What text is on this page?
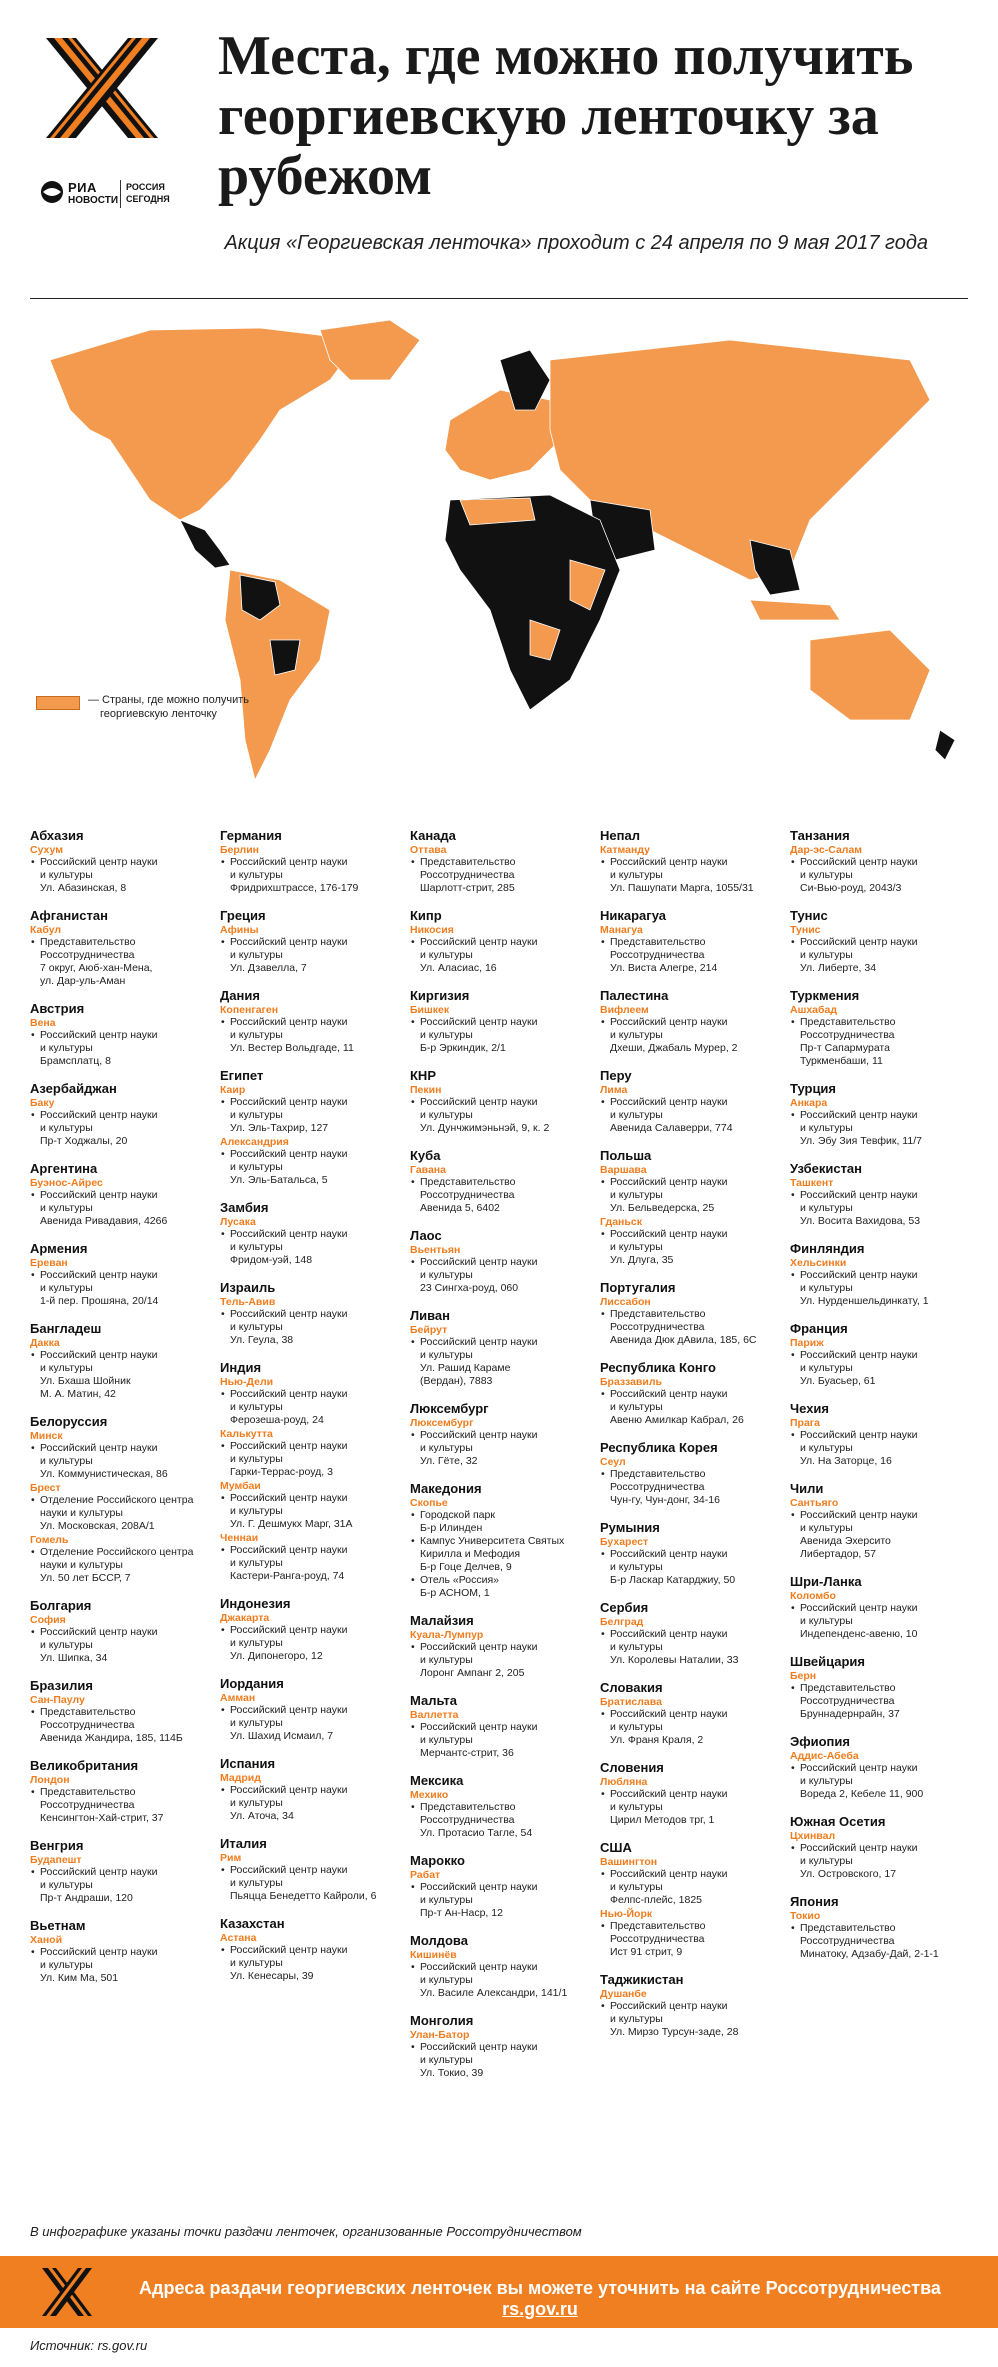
РИА
НОВОСТИ
РОССИЯ
СЕГОДНЯ
Места, где можно получить георгиевскую ленточку за рубежом
Акция «Георгиевская ленточка» проходит с 24 апреля по 9 мая 2017 года
— Страны, где можно получить
георгиевскую ленточку
Абхазия
Сухум
• Российский центр науки
и культуры
Ул. Абазинская, 8
Афганистан
Кабул
• Представительство
Россотрудничества
7 округ, Аюб-хан-Мена,
ул. Дар-уль-Аман
Австрия
Вена
• Российский центр науки
и культуры
Брамсплатц, 8
Азербайджан
Баку
• Российский центр науки
и культуры
Пр-т Ходжалы, 20
Аргентина
Буэнос-Айрес
• Российский центр науки
и культуры
Авенида Ривадавия, 4266
Армения
Ереван
• Российский центр науки
и культуры
1-й пер. Прошяна, 20/14
Бангладеш
Дакка
• Российский центр науки
и культуры
Ул. Бхаша Шойник
М. А. Матин, 42
Белоруссия
Минск
• Российский центр науки
и культуры
Ул. Коммунистическая, 86
Брест
• Отделение Российского центра
науки и культуры
Ул. Московская, 208А/1
Гомель
• Отделение Российского центра
науки и культуры
Ул. 50 лет БССР, 7
Болгария
София
• Российский центр науки
и культуры
Ул. Шипка, 34
Бразилия
Сан-Паулу
• Представительство
Россотрудничества
Авенида Жандира, 185, 114Б
Великобритания
Лондон
• Представительство
Россотрудничества
Кенсингтон-Хай-стрит, 37
Венгрия
Будапешт
• Российский центр науки
и культуры
Пр-т Андраши, 120
Вьетнам
Ханой
• Российский центр науки
и культуры
Ул. Ким Ма, 501
Германия
Берлин
• Российский центр науки
и культуры
Фридрихштрассе, 176-179
Греция
Афины
• Российский центр науки
и культуры
Ул. Дзавелла, 7
Дания
Копенгаген
• Российский центр науки
и культуры
Ул. Вестер Вольдгаде, 11
Египет
Каир
• Российский центр науки
и культуры
Ул. Эль-Тахрир, 127
Александрия
• Российский центр науки
и культуры
Ул. Эль-Батальса, 5
Замбия
Лусака
• Российский центр науки
и культуры
Фридом-уэй, 148
Израиль
Тель-Авив
• Российский центр науки
и культуры
Ул. Геула, 38
Индия
Нью-Дели
• Российский центр науки
и культуры
Ферозеша-роуд, 24
Калькутта
• Российский центр науки
и культуры
Гарки-Террас-роуд, 3
Мумбаи
• Российский центр науки
и культуры
Ул. Г. Дешмукх Марг, 31А
Ченнаи
• Российский центр науки
и культуры
Кастери-Ранга-роуд, 74
Индонезия
Джакарта
• Российский центр науки
и культуры
Ул. Дипонегоро, 12
Иордания
Амман
• Российский центр науки
и культуры
Ул. Шахид Исмаил, 7
Испания
Мадрид
• Российский центр науки
и культуры
Ул. Аточа, 34
Италия
Рим
• Российский центр науки
и культуры
Пьяцца Бенедетто Кайроли, 6
Казахстан
Астана
• Российский центр науки
и культуры
Ул. Кенесары, 39
Канада
Оттава
• Представительство
Россотрудничества
Шарлотт-стрит, 285
Кипр
Никосия
• Российский центр науки
и культуры
Ул. Аласиас, 16
Киргизия
Бишкек
• Российский центр науки
и культуры
Б-р Эркиндик, 2/1
КНР
Пекин
• Российский центр науки
и культуры
Ул. Дунчжимэньнэй, 9, к. 2
Куба
Гавана
• Представительство
Россотрудничества
Авенида 5, 6402
Лаос
Вьентьян
• Российский центр науки
и культуры
23 Сингха-роуд, 060
Ливан
Бейрут
• Российский центр науки
и культуры
Ул. Рашид Караме
(Вердан), 7883
Люксембург
Люксембург
• Российский центр науки
и культуры
Ул. Гёте, 32
Македония
Скопье
• Городской парк
Б-р Илинден
• Кампус Университета Святых
Кирилла и Мефодия
Б-р Гоце Делчев, 9
• Отель «Россия»
Б-р АСНОМ, 1
Малайзия
Куала-Лумпур
• Российский центр науки
и культуры
Лоронг Ампанг 2, 205
Мальта
Валлетта
• Российский центр науки
и культуры
Мерчантс-стрит, 36
Мексика
Мехико
• Представительство
Россотрудничества
Ул. Протасио Тагле, 54
Марокко
Рабат
• Российский центр науки
и культуры
Пр-т Ан-Наср, 12
Молдова
Кишинёв
• Российский центр науки
и культуры
Ул. Василе Александри, 141/1
Монголия
Улан-Батор
• Российский центр науки
и культуры
Ул. Токио, 39
Непал
Катманду
• Российский центр науки
и культуры
Ул. Пашупати Марга, 1055/31
Никарагуа
Манагуа
• Представительство
Россотрудничества
Ул. Виста Алегре, 214
Палестина
Вифлеем
• Российский центр науки
и культуры
Дхеши, Джабаль Мурер, 2
Перу
Лима
• Российский центр науки
и культуры
Авенида Салаверри, 774
Польша
Варшава
• Российский центр науки
и культуры
Ул. Бельведерска, 25
Гданьск
• Российский центр науки
и культуры
Ул. Длуга, 35
Португалия
Лиссабон
• Представительство
Россотрудничества
Авенида Дюк дАвила, 185, 6С
Республика Конго
Браззавиль
• Российский центр науки
и культуры
Авеню Амилкар Кабрал, 26
Республика Корея
Сеул
• Представительство
Россотрудничества
Чун-гу, Чун-донг, 34-16
Румыния
Бухарест
• Российский центр науки
и культуры
Б-р Ласкар Катарджиу, 50
Сербия
Белград
• Российский центр науки
и культуры
Ул. Королевы Наталии, 33
Словакия
Братислава
• Российский центр науки
и культуры
Ул. Франя Краля, 2
Словения
Любляна
• Российский центр науки
и культуры
Цирил Методов трг, 1
США
Вашингтон
• Российский центр науки
и культуры
Фелпс-плейс, 1825
Нью-Йорк
• Представительство
Россотрудничества
Ист 91 стрит, 9
Таджикистан
Душанбе
• Российский центр науки
и культуры
Ул. Мирзо Турсун-заде, 28
Танзания
Дар-эс-Салам
• Российский центр науки
и культуры
Си-Вью-роуд, 2043/3
Тунис
Тунис
• Российский центр науки
и культуры
Ул. Либерте, 34
Туркмения
Ашхабад
• Представительство
Россотрудничества
Пр-т Сапармурата
Туркменбаши, 11
Турция
Анкара
• Российский центр науки
и культуры
Ул. Эбу Зия Тевфик, 11/7
Узбекистан
Ташкент
• Российский центр науки
и культуры
Ул. Восита Вахидова, 53
Финляндия
Хельсинки
• Российский центр науки
и культуры
Ул. Нурденшельдинкату, 1
Франция
Париж
• Российский центр науки
и культуры
Ул. Буасьер, 61
Чехия
Прага
• Российский центр науки
и культуры
Ул. На Заторце, 16
Чили
Сантьяго
• Российский центр науки
и культуры
Авенида Эхерсито
Либертадор, 57
Шри-Ланка
Коломбо
• Российский центр науки
и культуры
Индепенденс-авеню, 10
Швейцария
Берн
• Представительство
Россотрудничества
Бруннадернрайн, 37
Эфиопия
Аддис-Абеба
• Российский центр науки
и культуры
Вореда 2, Кебеле 11, 900
Южная Осетия
Цхинвал
• Российский центр науки
и культуры
Ул. Островского, 17
Япония
Токио
• Представительство
Россотрудничества
Минатоку, Адзабу-Дай, 2-1-1
В инфографике указаны точки раздачи ленточек, организованные Россотрудничеством
Адреса раздачи георгиевских ленточек вы можете уточнить на сайте Россотрудничества rs.gov.ru
Источник: rs.gov.ru
